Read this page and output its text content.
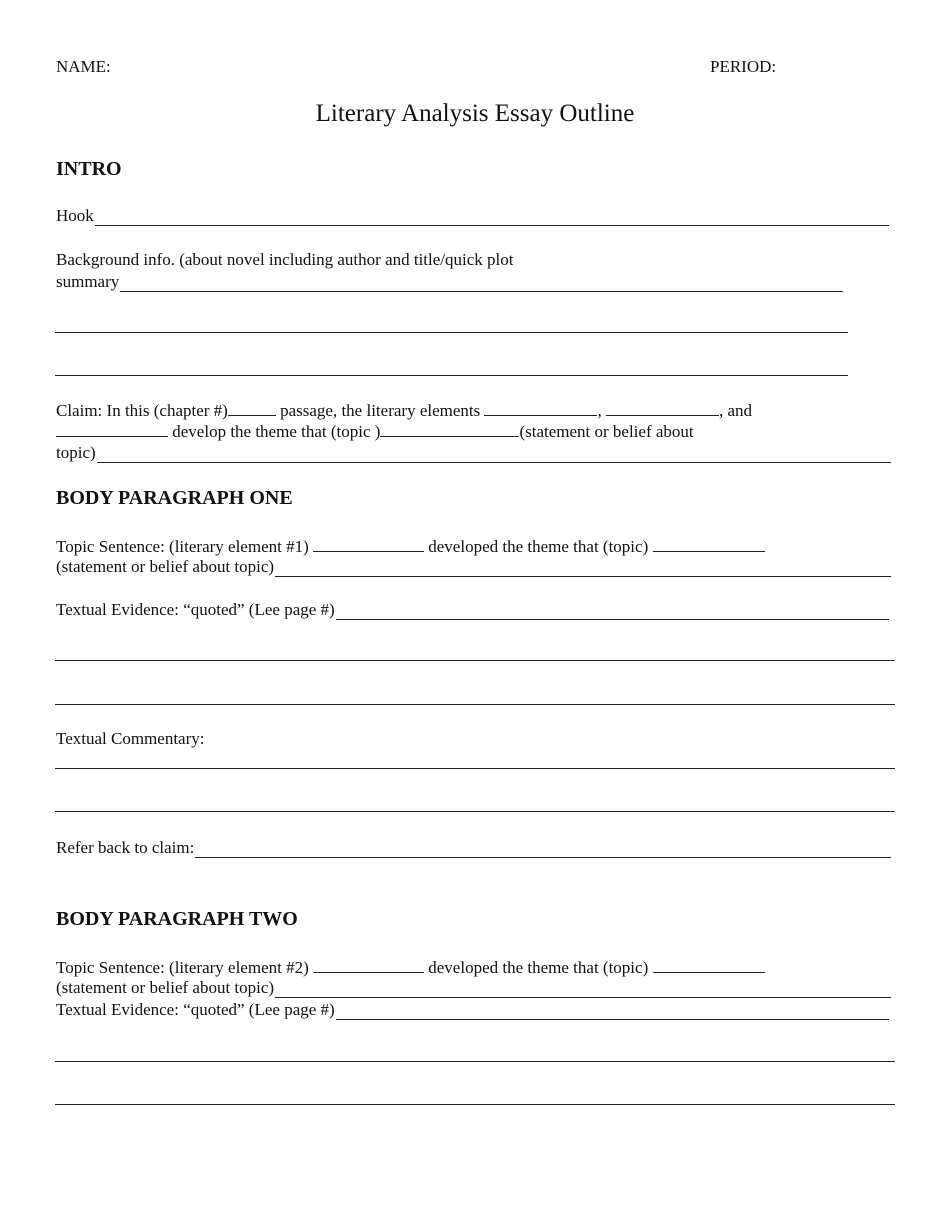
NAME:	PERIOD:
Literary Analysis Essay Outline
INTRO
Hook
Background info. (about novel including author and title/quick plot
summary
Claim: In this (chapter #)	passage, the literary elements	,	, and
develop the theme that (topic )	(statement or belief about
topic)
BODY PARAGRAPH ONE
Topic Sentence: (literary element #1)	developed the theme that (topic)
(statement or belief about topic)
Textual Evidence: “quoted” (Lee page #)
Textual Commentary:
Refer back to claim:
BODY PARAGRAPH TWO
Topic Sentence: (literary element #2)	developed the theme that (topic)
(statement or belief about topic)
Textual Evidence: “quoted” (Lee page #)
